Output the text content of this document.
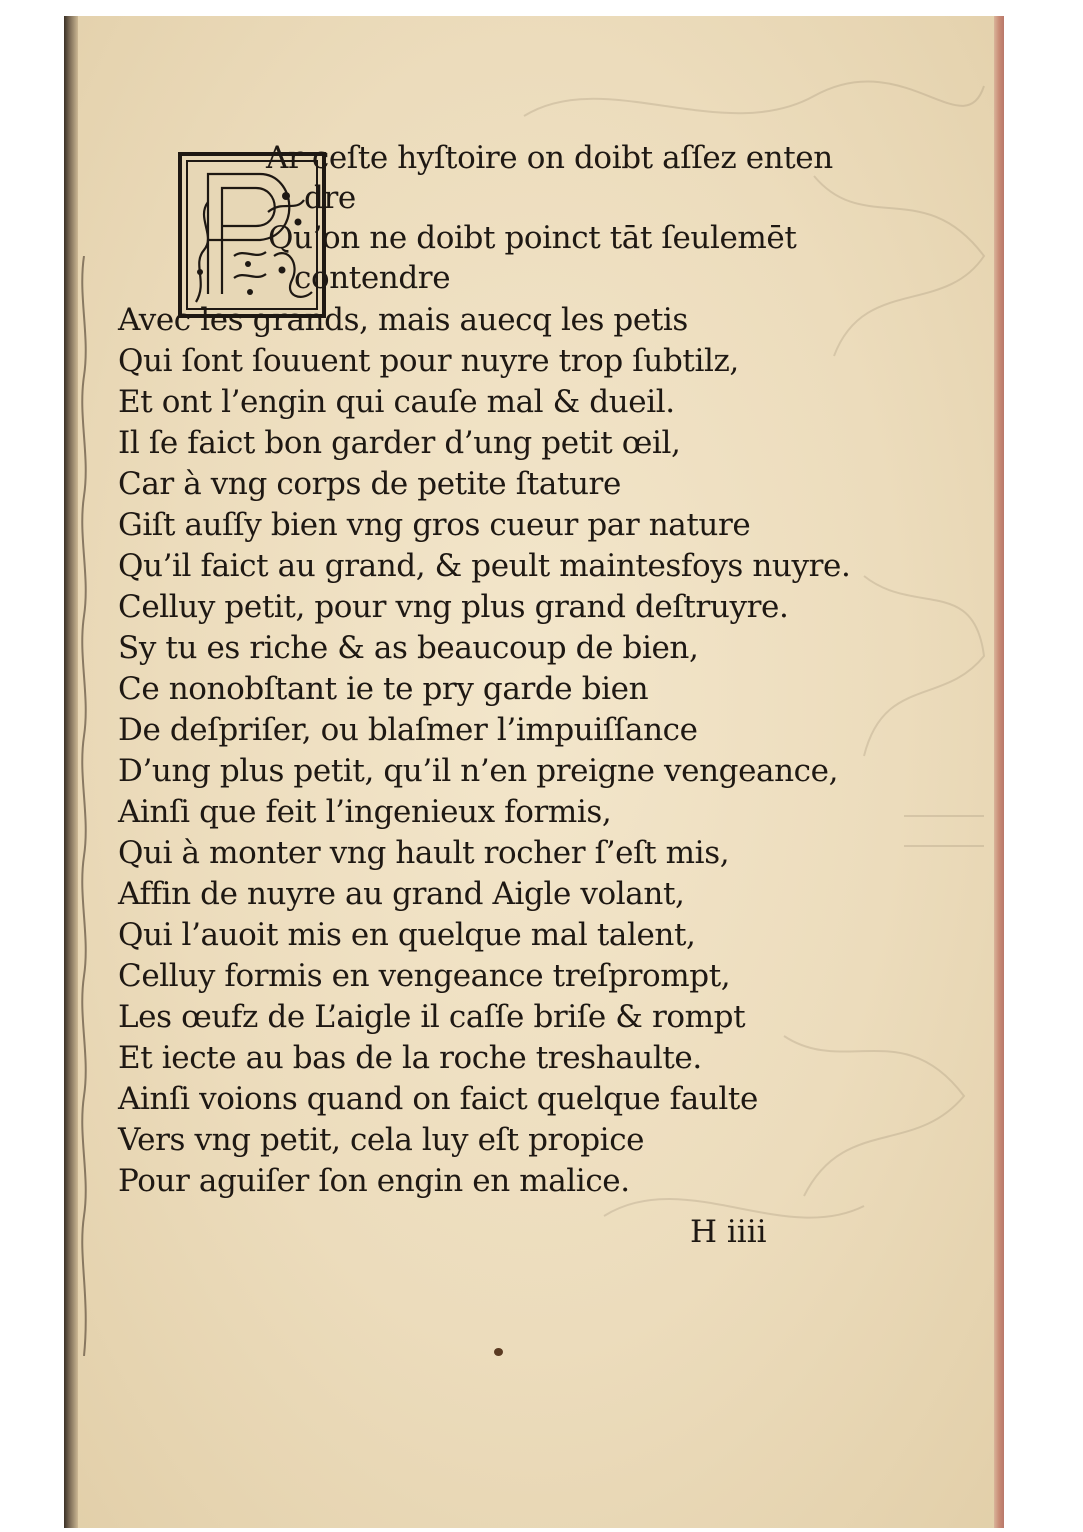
Ar ceſte hyſtoire on doibt aſſez enten

dre

Qu’on ne doibt poinct tāt ſeulemēt

contendre

Avec les grands, mais auecq les petis

Qui ſont ſouuent pour nuyre trop ſubtilz,

Et ont l’engin qui cauſe mal & dueil.

Il ſe faict bon garder d’ung petit œil,

Car à vng corps de petite ſtature

Giſt auſſy bien vng gros cueur par nature

Qu’il faict au grand, & peult maintesfoys nuyre.

Celluy petit, pour vng plus grand deſtruyre.

Sy tu es riche & as beaucoup de bien,

Ce nonobſtant ie te pry garde bien

De deſpriſer, ou blaſmer l’impuiſſance

D’ung plus petit, qu’il n’en preigne vengeance,

Ainſi que feit l’ingenieux formis,

Qui à monter vng hault rocher ſ’eſt mis,

Affin de nuyre au grand Aigle volant,

Qui l’auoit mis en quelque mal talent,

Celluy formis en vengeance treſprompt,

Les œufz de L’aigle il caſſe briſe & rompt

Et iecte au bas de la roche treshaulte.

Ainſi voions quand on faict quelque faulte

Vers vng petit, cela luy eſt propice

Pour aguiſer ſon engin en malice.

H iiii
